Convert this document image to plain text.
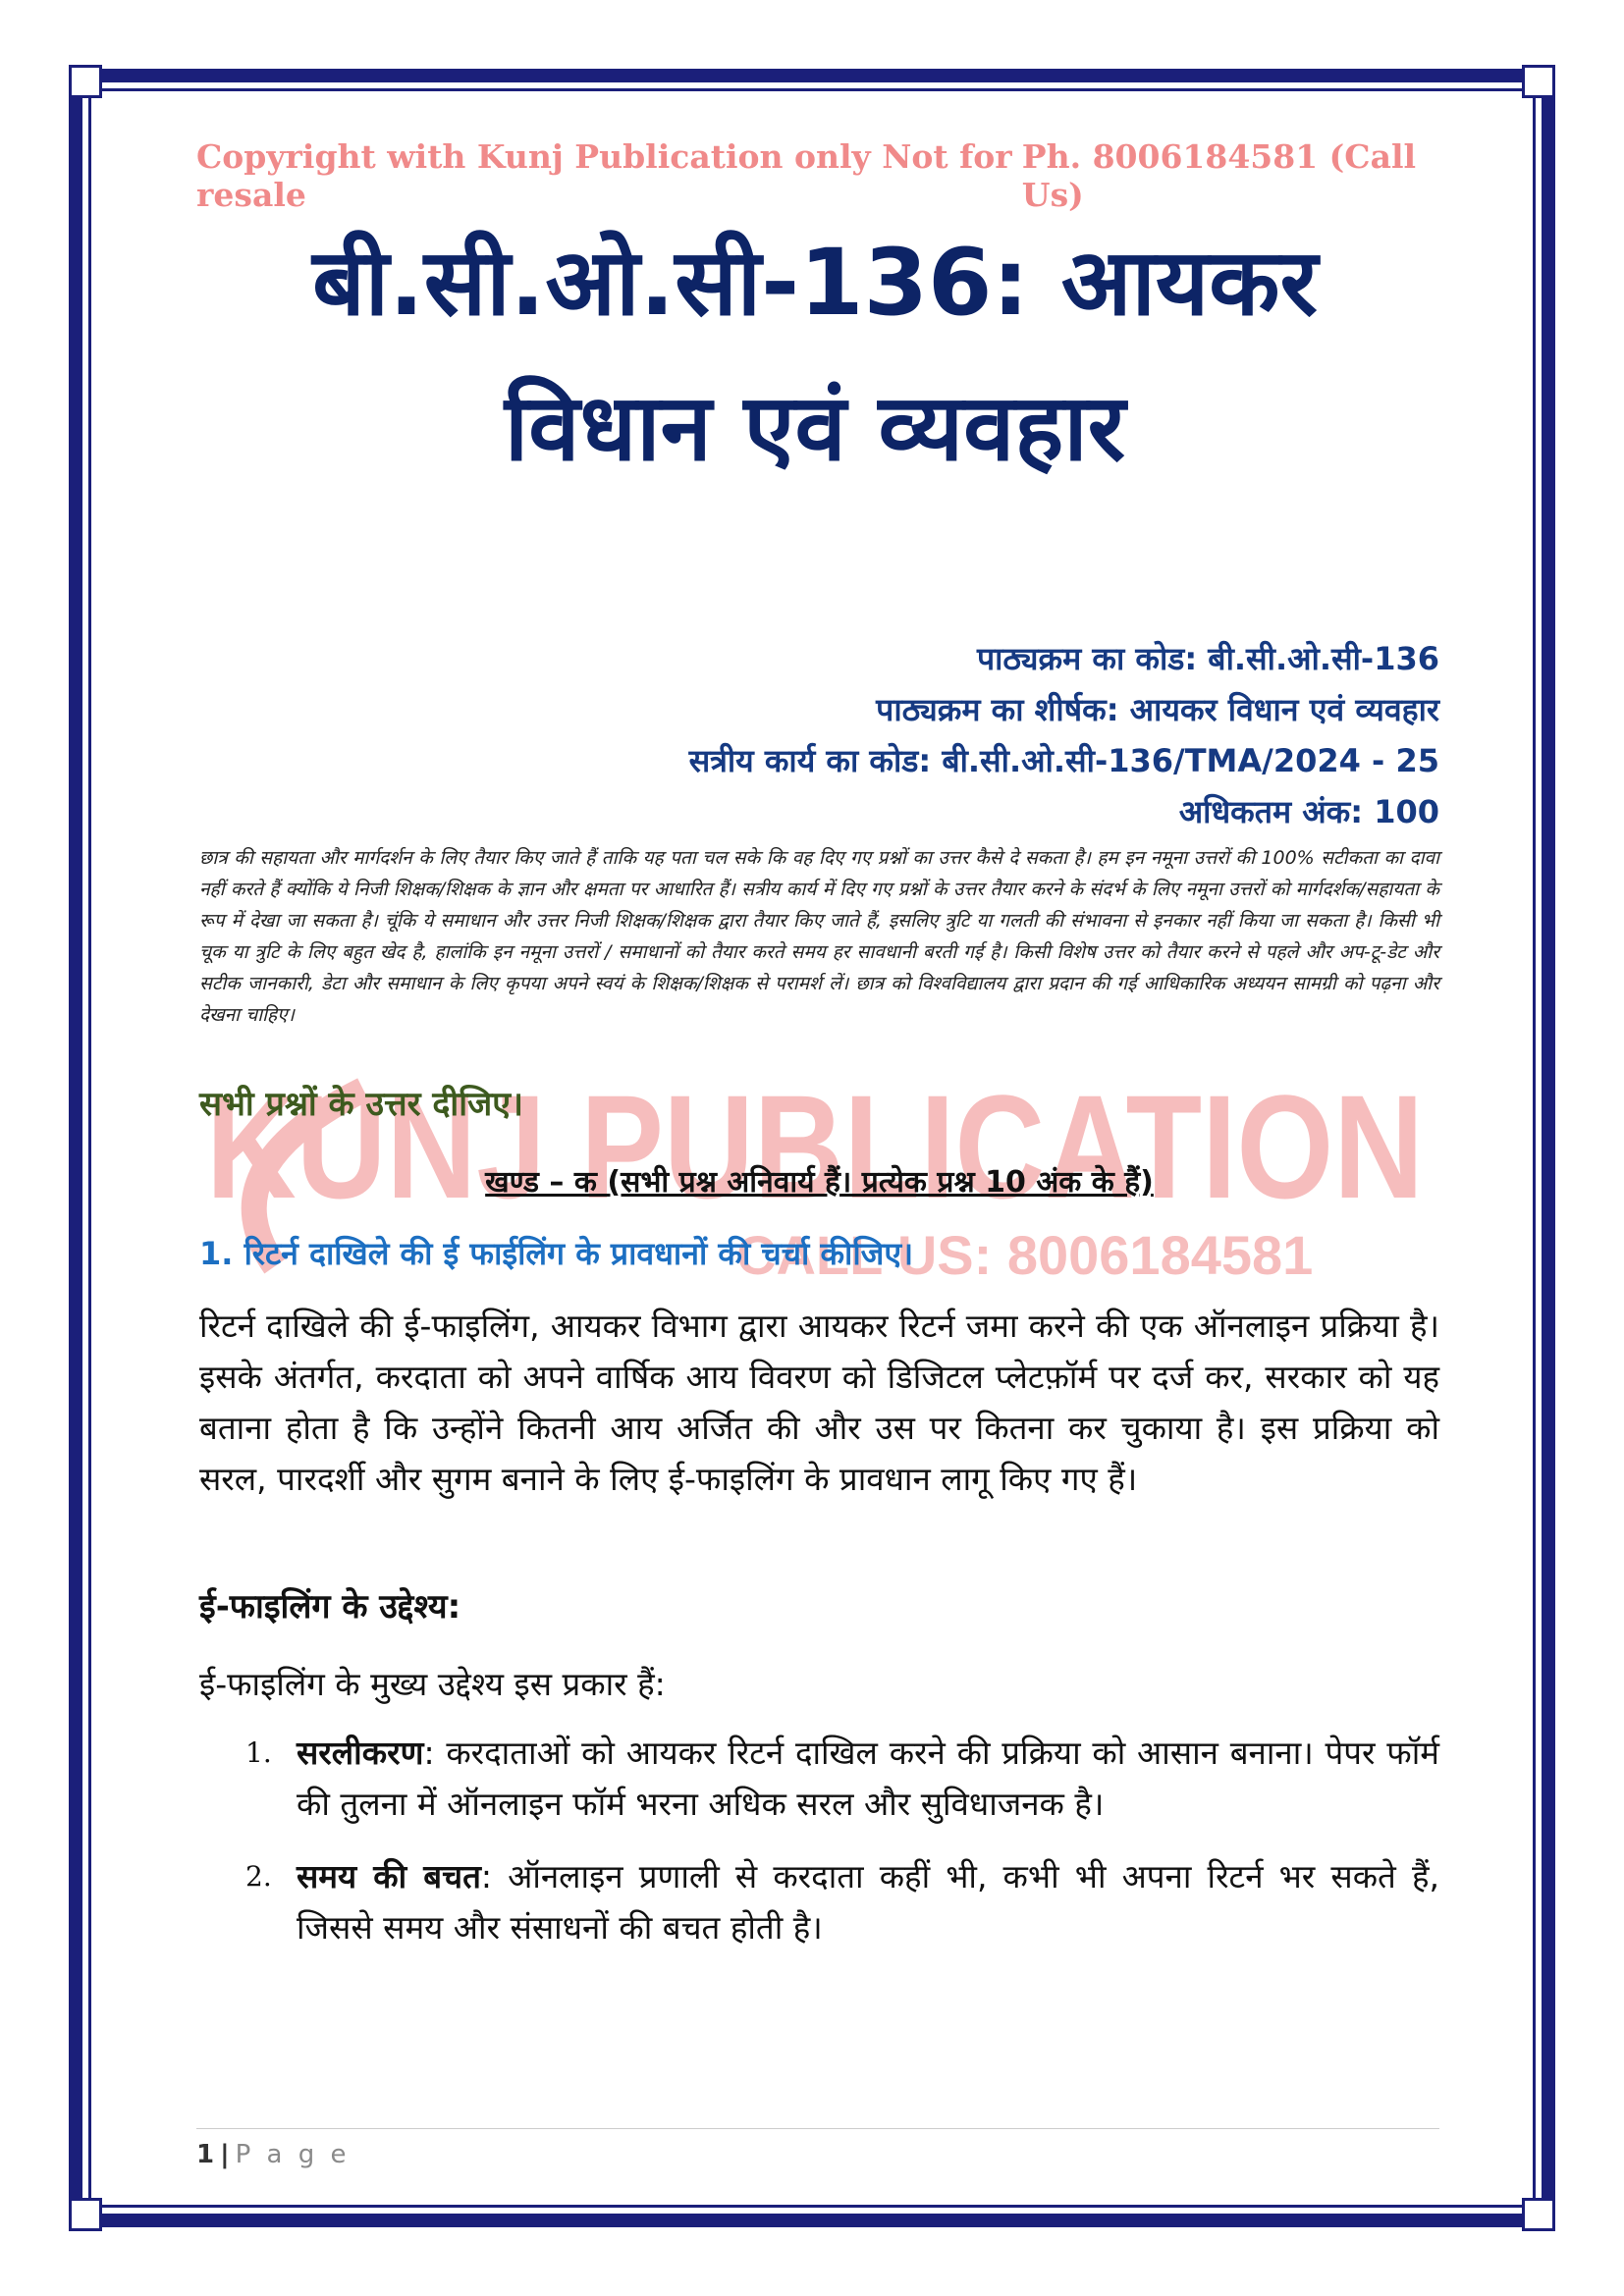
KUNJ PUBLICATION
CALL US: 8006184581
Copyright with Kunj Publication only Not for resale
Ph. 8006184581 (Call Us)
बी.सी.ओ.सी-136: आयकर
विधान एवं व्यवहार
पाठ्यक्रम का कोड: बी.सी.ओ.सी-136
पाठ्यक्रम का शीर्षक: आयकर विधान एवं व्यवहार
सत्रीय कार्य का कोड: बी.सी.ओ.सी-136/TMA/2024 - 25
अधिकतम अंक: 100
छात्र की सहायता और मार्गदर्शन के लिए तैयार किए जाते हैं ताकि यह पता चल सके कि वह दिए गए प्रश्नों का उत्तर कैसे दे सकता है। हम इन नमूना उत्तरों की 100% सटीकता का दावा नहीं करते हैं क्योंकि ये निजी शिक्षक/शिक्षक के ज्ञान और क्षमता पर आधारित हैं। सत्रीय कार्य में दिए गए प्रश्नों के उत्तर तैयार करने के संदर्भ के लिए नमूना उत्तरों को मार्गदर्शक/सहायता के रूप में देखा जा सकता है। चूंकि ये समाधान और उत्तर निजी शिक्षक/शिक्षक द्वारा तैयार किए जाते हैं, इसलिए त्रुटि या गलती की संभावना से इनकार नहीं किया जा सकता है। किसी भी चूक या त्रुटि के लिए बहुत खेद है, हालांकि इन नमूना उत्तरों / समाधानों को तैयार करते समय हर सावधानी बरती गई है। किसी विशेष उत्तर को तैयार करने से पहले और अप-टू-डेट और सटीक जानकारी, डेटा और समाधान के लिए कृपया अपने स्वयं के शिक्षक/शिक्षक से परामर्श लें। छात्र को विश्वविद्यालय द्वारा प्रदान की गई आधिकारिक अध्ययन सामग्री को पढ़ना और देखना चाहिए।
सभी प्रश्नों के उत्तर दीजिए।
खण्ड – क (सभी प्रश्न अनिवार्य हैं। प्रत्येक प्रश्न 10 अंक के हैं)
1. रिटर्न दाखिले की ई फाईलिंग के प्रावधानों की चर्चा कीजिए।
रिटर्न दाखिले की ई-फाइलिंग, आयकर विभाग द्वारा आयकर रिटर्न जमा करने की एक ऑनलाइन प्रक्रिया है। इसके अंतर्गत, करदाता को अपने वार्षिक आय विवरण को डिजिटल प्लेटफ़ॉर्म पर दर्ज कर, सरकार को यह बताना होता है कि उन्होंने कितनी आय अर्जित की और उस पर कितना कर चुकाया है। इस प्रक्रिया को सरल, पारदर्शी और सुगम बनाने के लिए ई-फाइलिंग के प्रावधान लागू किए गए हैं।
ई-फाइलिंग के उद्देश्य:
ई-फाइलिंग के मुख्य उद्देश्य इस प्रकार हैं:
1. सरलीकरण: करदाताओं को आयकर रिटर्न दाखिल करने की प्रक्रिया को आसान बनाना। पेपर फॉर्म की तुलना में ऑनलाइन फॉर्म भरना अधिक सरल और सुविधाजनक है।
2. समय की बचत: ऑनलाइन प्रणाली से करदाता कहीं भी, कभी भी अपना रिटर्न भर सकते हैं, जिससे समय और संसाधनों की बचत होती है।
1 | P a g e
